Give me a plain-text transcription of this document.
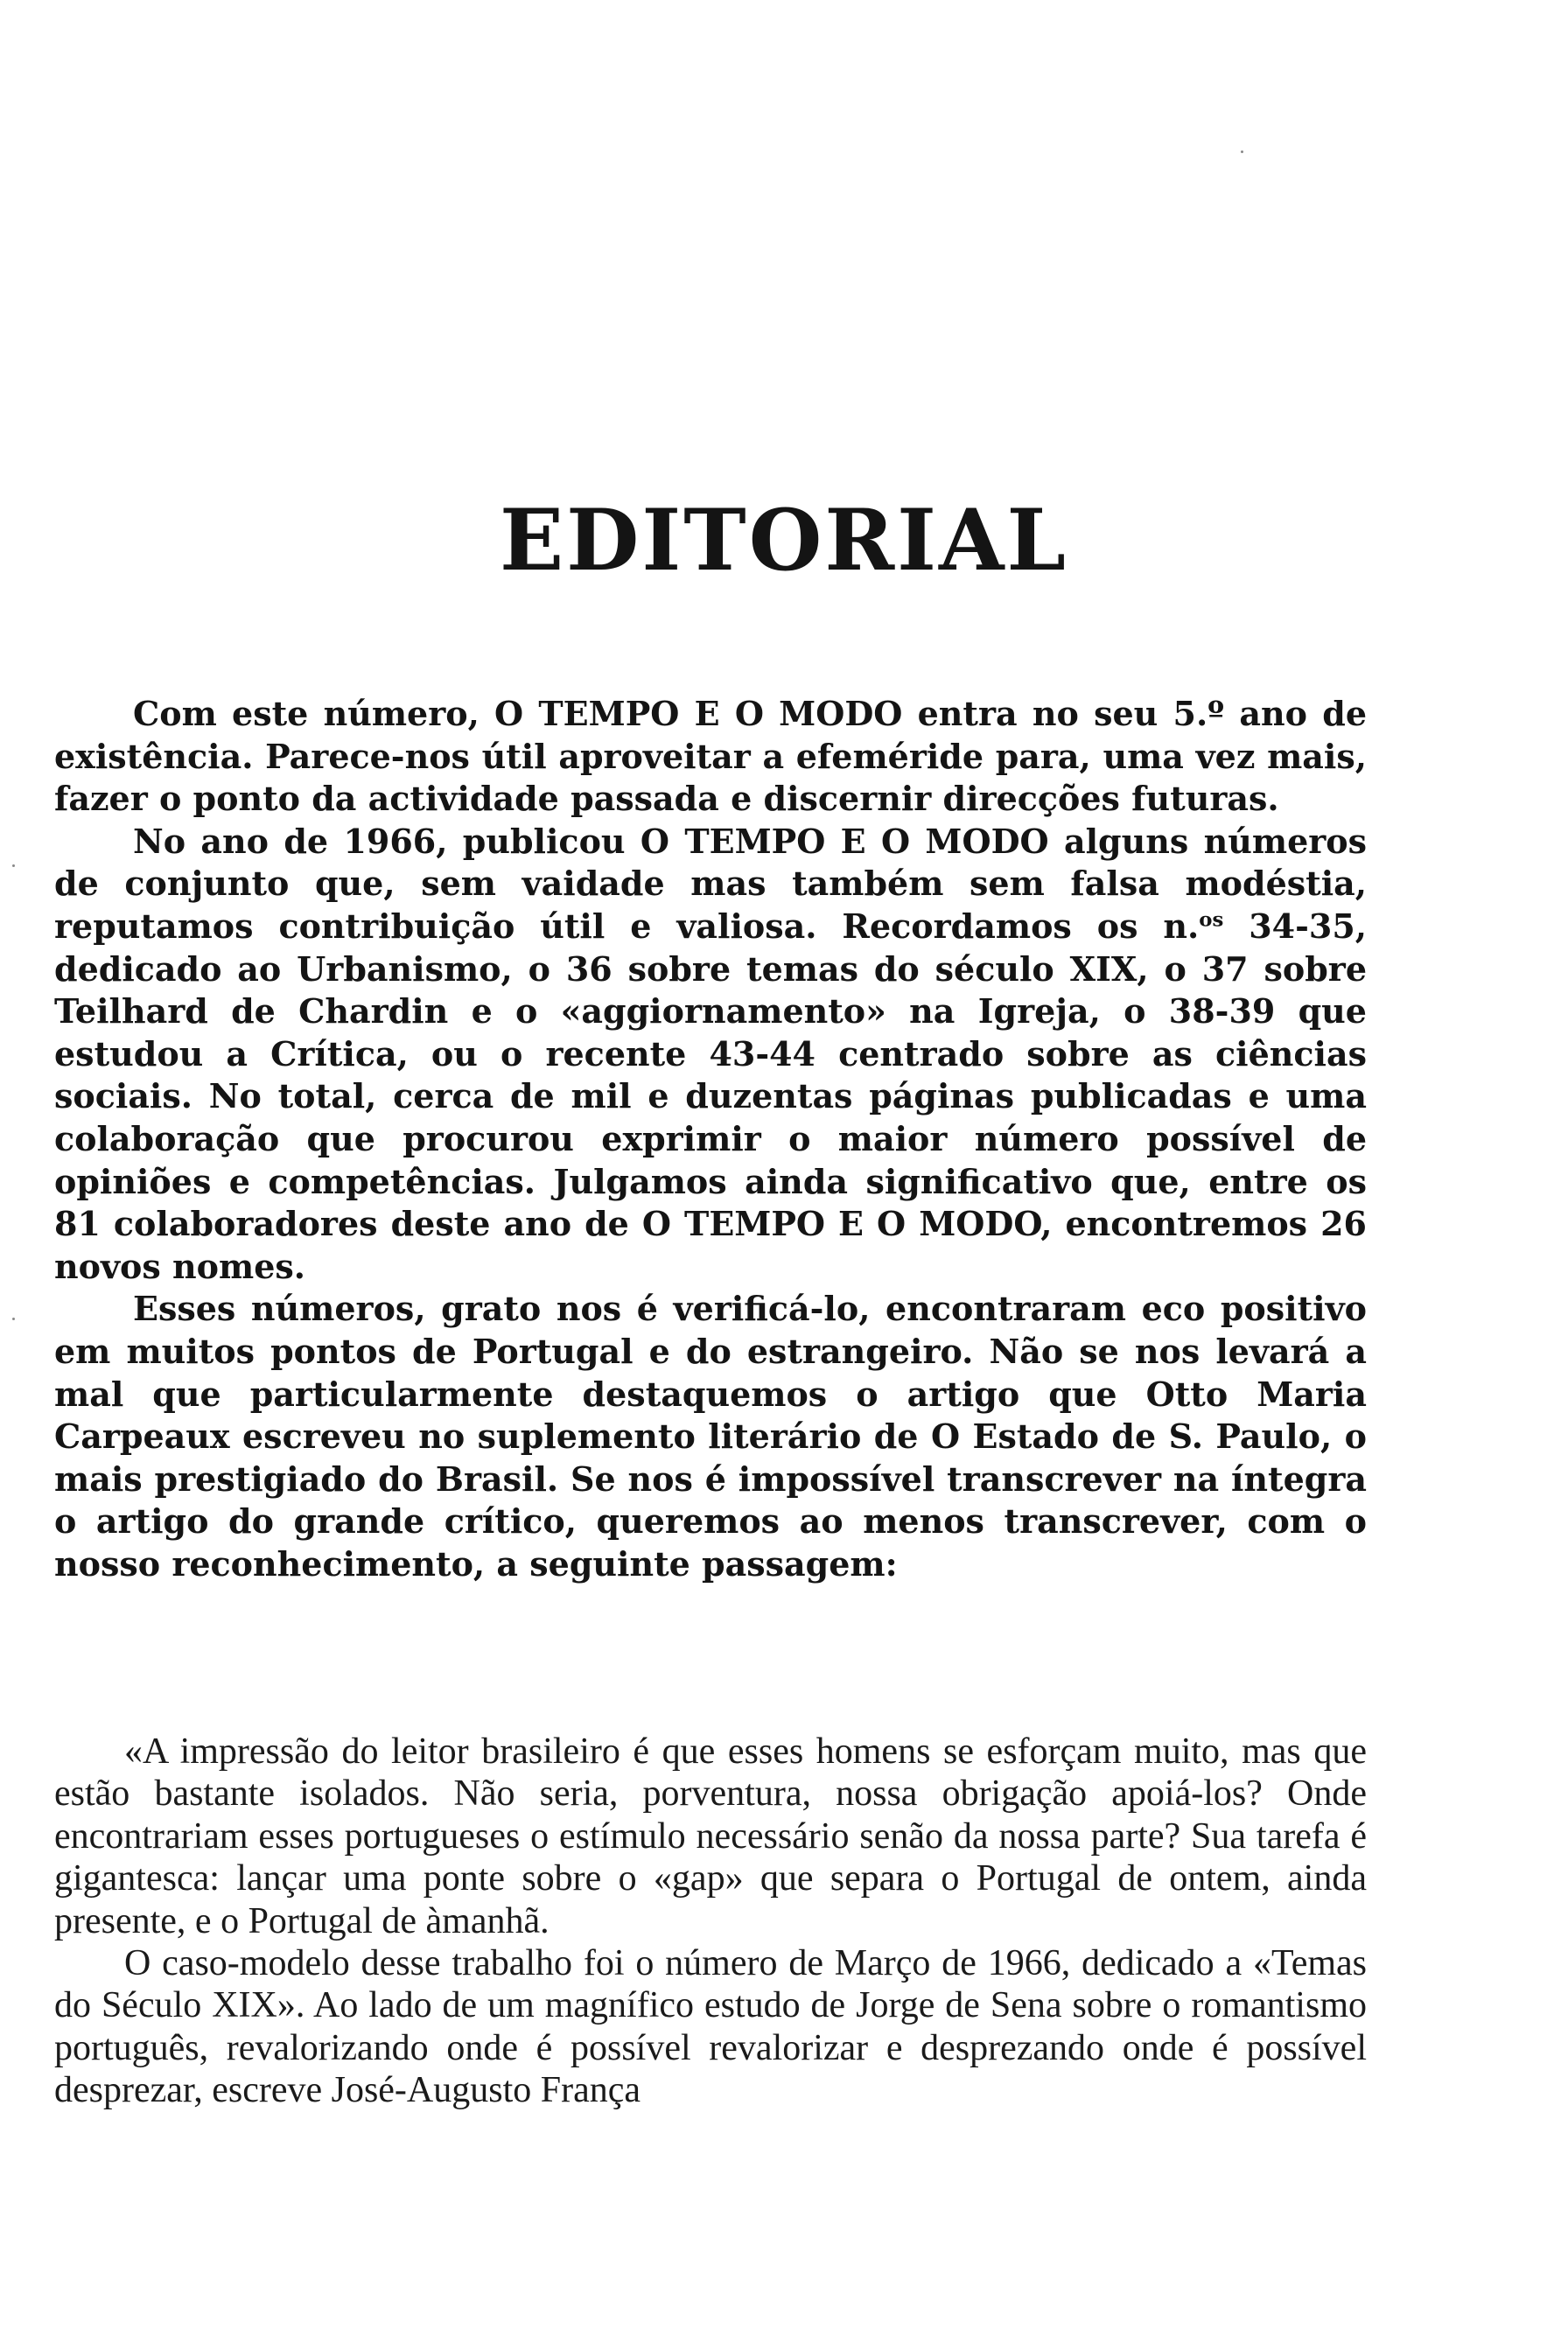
EDITORIAL

Com este número, O TEMPO E O MODO entra no seu 5.º ano de existência. Parece-nos útil aproveitar a efeméride para, uma vez mais, fazer o ponto da actividade passada e discernir direcções futuras.

No ano de 1966, publicou O TEMPO E O MODO alguns números de conjunto que, sem vaidade mas também sem falsa modéstia, reputamos contribuição útil e valiosa. Recordamos os n.$^{os}$ 34-35, dedicado ao Urbanismo, o 36 sobre temas do século XIX, o 37 sobre Teilhard de Chardin e o «aggiornamento» na Igreja, o 38-39 que estudou a Crítica, ou o recente 43-44 centrado sobre as ciências sociais. No total, cerca de mil e duzentas páginas publicadas e uma colaboração que procurou exprimir o maior número possível de opiniões e competências. Julgamos ainda significativo que, entre os 81 colaboradores deste ano de O TEMPO E O MODO, encontremos 26 novos nomes.

Esses números, grato nos é verificá-lo, encontraram eco positivo em muitos pontos de Portugal e do estrangeiro. Não se nos levará a mal que particularmente destaquemos o artigo que Otto Maria Carpeaux escreveu no suplemento literário de O Estado de S. Paulo, o mais prestigiado do Brasil. Se nos é impossível transcrever na íntegra o artigo do grande crítico, queremos ao menos transcrever, com o nosso reconhecimento, a seguinte passagem:

«A impressão do leitor brasileiro é que esses homens se esforçam muito, mas que estão bastante isolados. Não seria, porventura, nossa obrigação apoiá-los? Onde encontrariam esses portugueses o estímulo necessário senão da nossa parte? Sua tarefa é gigantesca: lançar uma ponte sobre o «gap» que separa o Portugal de ontem, ainda presente, e o Portugal de àmanhã.

O caso-modelo desse trabalho foi o número de Março de 1966, dedicado a «Temas do Século XIX». Ao lado de um magnífico estudo de Jorge de Sena sobre o romantismo português, revalorizando onde é possível revalorizar e desprezando onde é possível desprezar, escreve José-Augusto França
